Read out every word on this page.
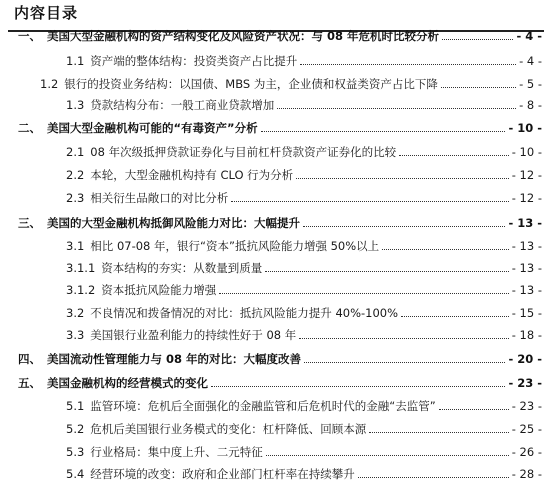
内容目录
一、 美国大型金融机构的资产结构变化及风险资产状况：与 08 年危机时比较分析	- 4 -
1.1 资产端的整体结构：投资类资产占比提升	- 4 -
1.2 银行的投资业务结构：以国债、MBS 为主，企业债和权益类资产占比下降	- 5 -
1.3 贷款结构分布：一般工商业贷款增加	- 8 -
二、 美国大型金融机构可能的“有毒资产”分析	- 10 -
2.1 08 年次级抵押贷款证券化与目前杠杆贷款资产证券化的比较	- 10 -
2.2 本轮，大型金融机构持有 CLO 行为分析	- 12 -
2.3 相关衍生品敞口的对比分析	- 12 -
三、 美国的大型金融机构抵御风险能力对比：大幅提升	- 13 -
3.1 相比 07-08 年，银行“资本”抵抗风险能力增强 50%以上	- 13 -
3.1.1 资本结构的夯实：从数量到质量	- 13 -
3.1.2 资本抵抗风险能力增强	- 13 -
3.2 不良情况和拨备情况的对比：抵抗风险能力提升 40%-100%	- 15 -
3.3 美国银行业盈利能力的持续性好于 08 年	- 18 -
四、 美国流动性管理能力与 08 年的对比：大幅度改善	- 20 -
五、 美国金融机构的经营模式的变化	- 23 -
5.1 监管环境：危机后全面强化的金融监管和后危机时代的金融“去监管”	- 23 -
5.2 危机后美国银行业务模式的变化：杠杆降低、回顾本源	- 25 -
5.3 行业格局：集中度上升、二元特征	- 26 -
5.4 经营环境的改变：政府和企业部门杠杆率在持续攀升	- 28 -
